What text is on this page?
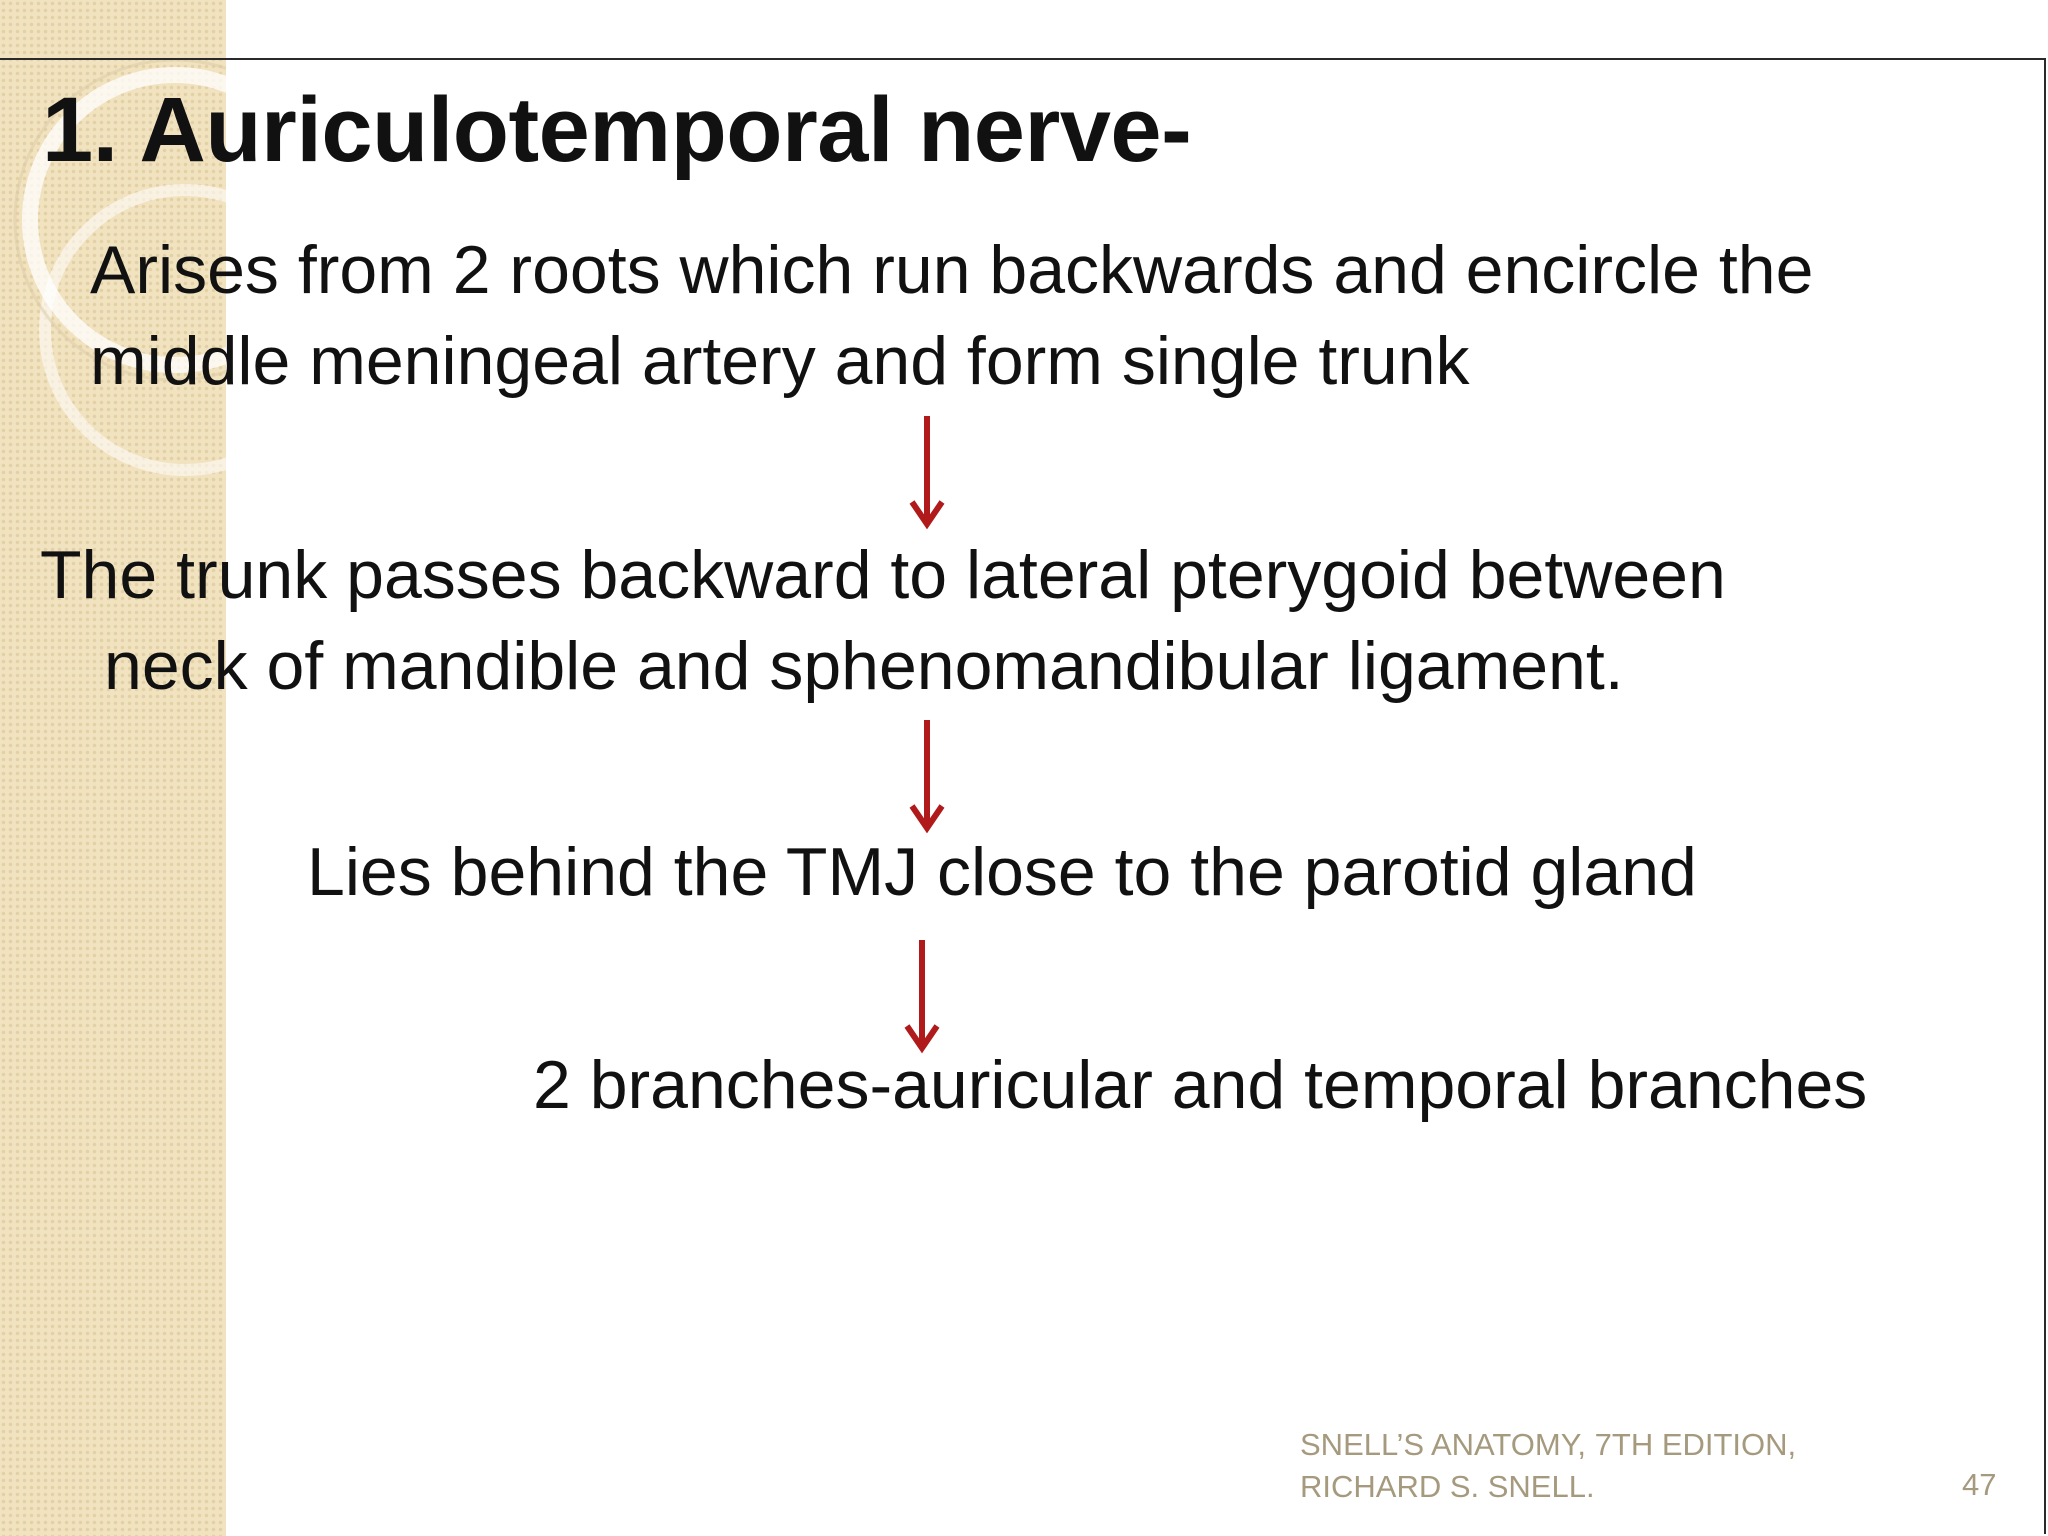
1. Auriculotemporal nerve-

Arises from 2 roots which run backwards and encircle the
middle meningeal artery and form single trunk

The trunk passes backward to lateral pterygoid between
neck of mandible and sphenomandibular ligament.

Lies behind the TMJ close to the parotid gland

2 branches-auricular and temporal branches

SNELL’S ANATOMY, 7TH EDITION,
RICHARD S. SNELL.	47
